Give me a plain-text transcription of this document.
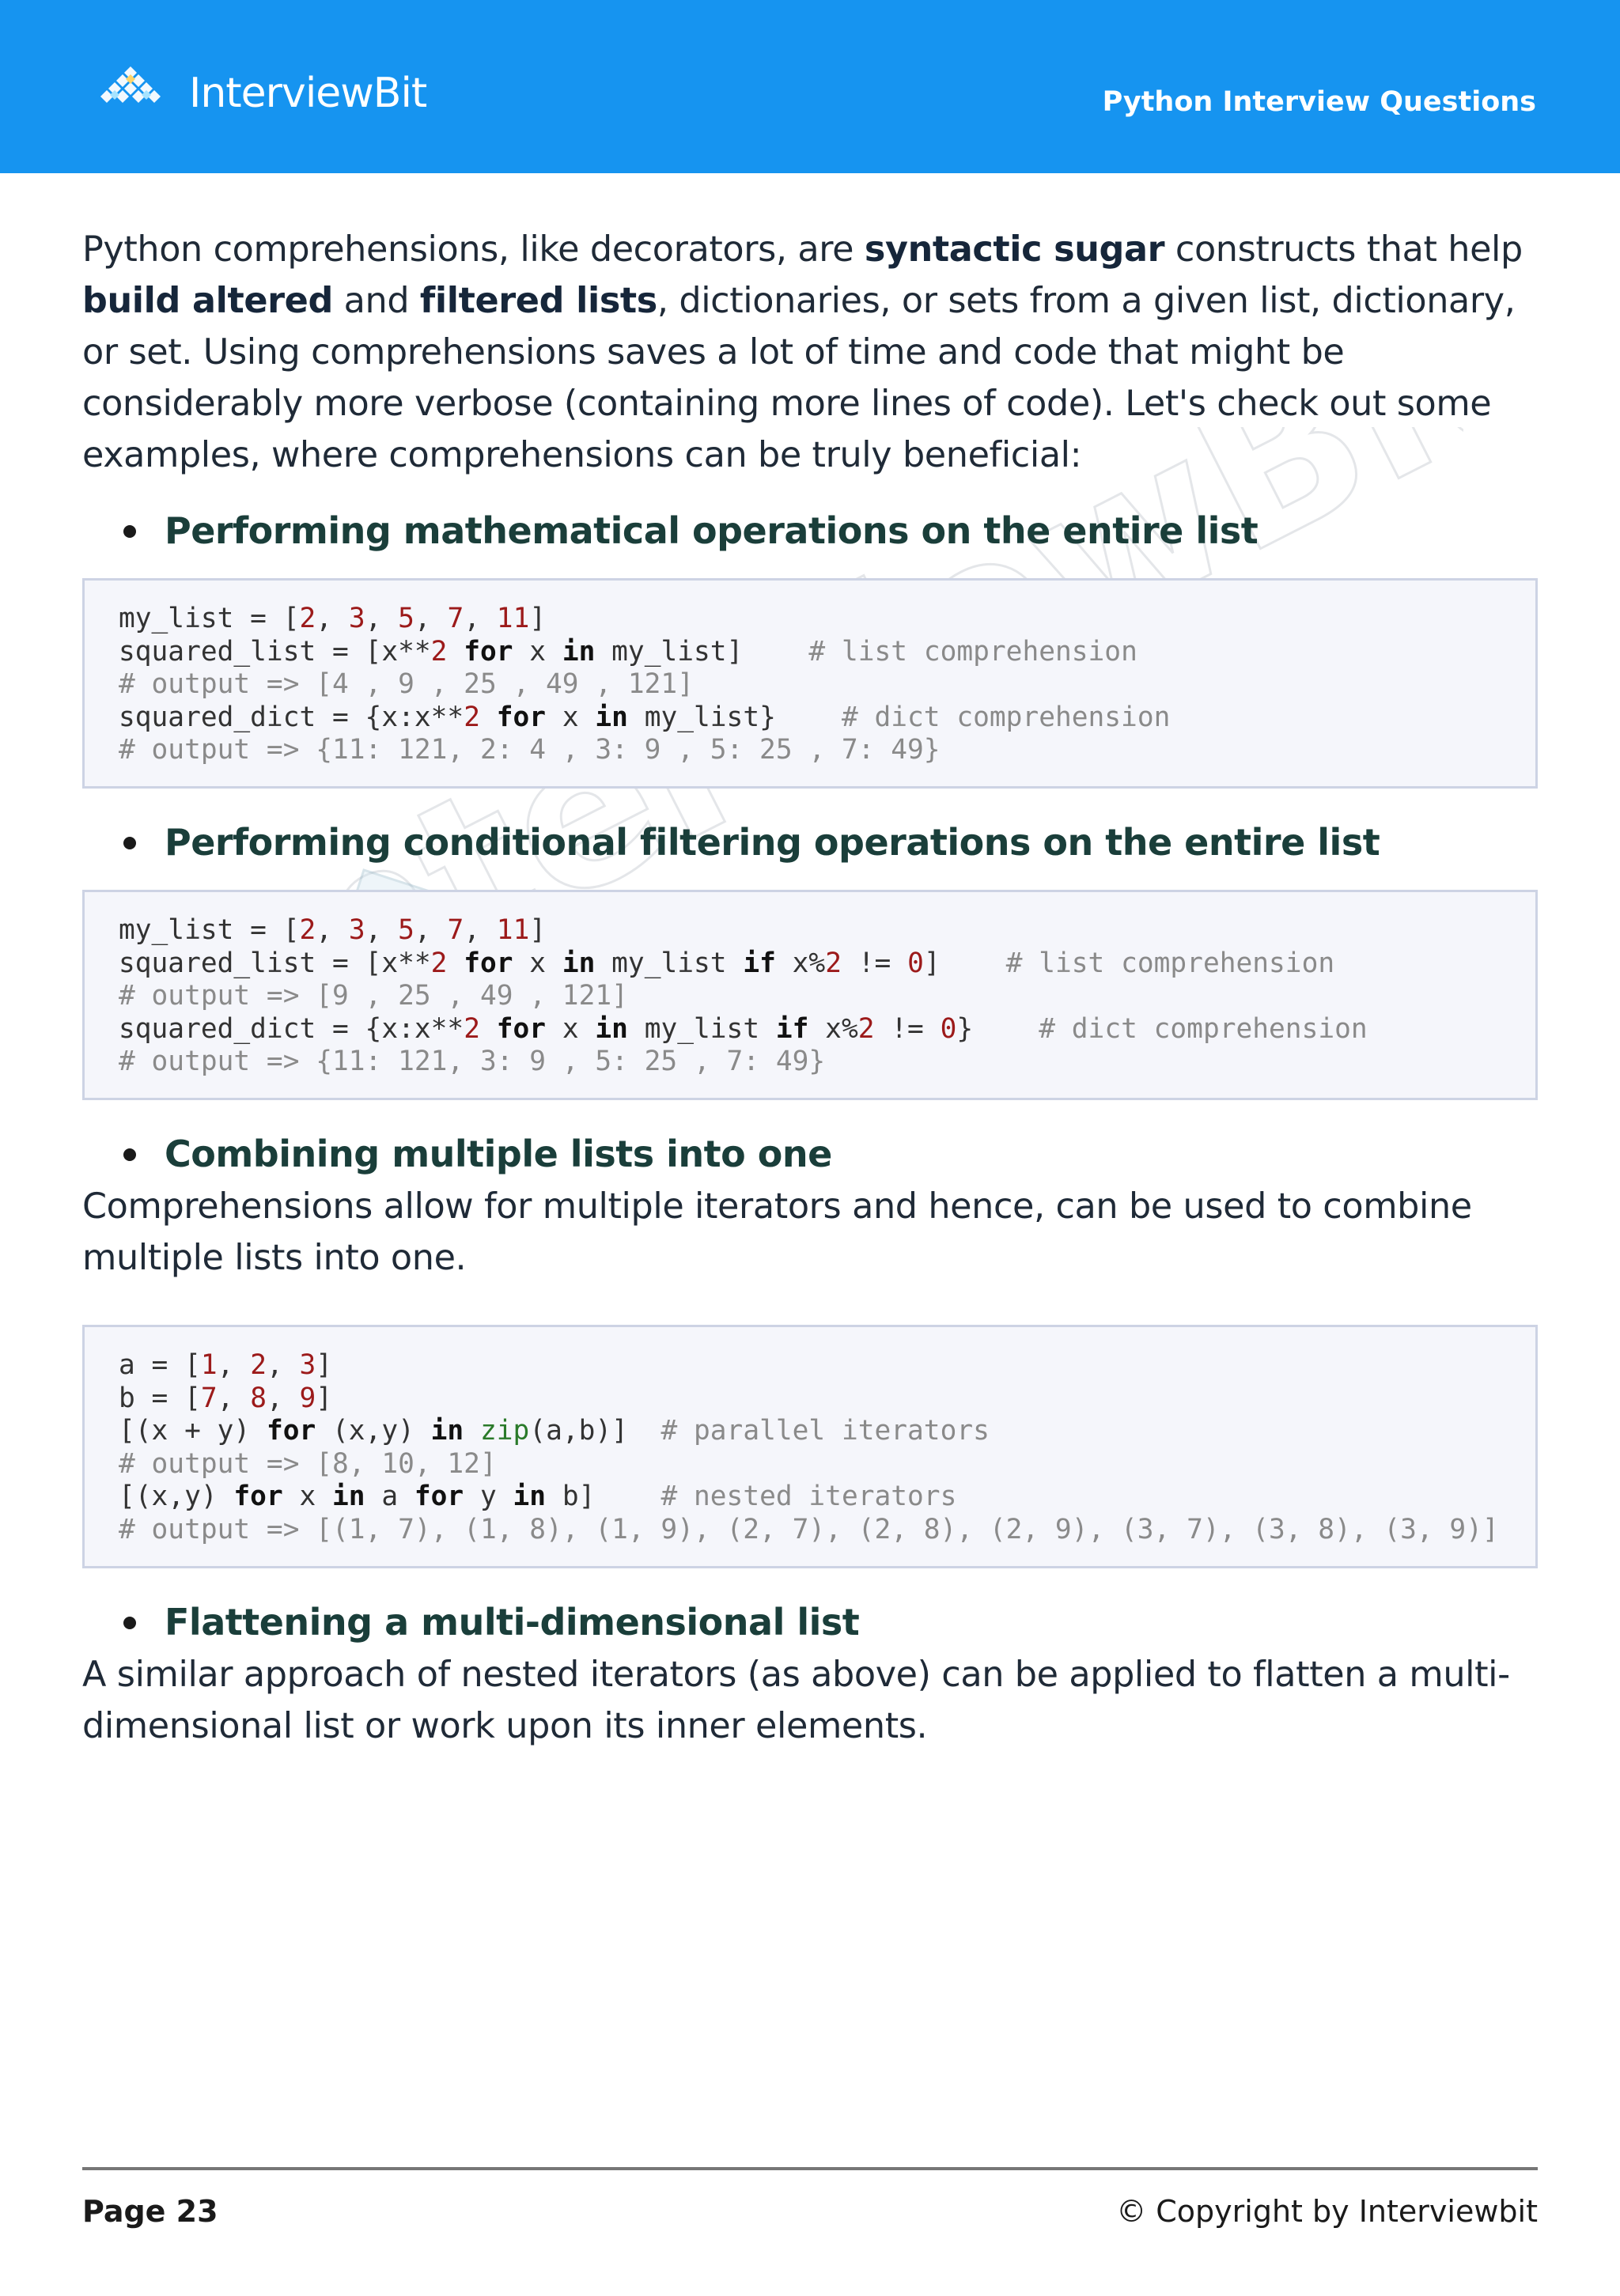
InterviewBit	Python Interview Questions

Python comprehensions, like decorators, are syntactic sugar constructs that help build altered and filtered lists, dictionaries, or sets from a given list, dictionary, or set. Using comprehensions saves a lot of time and code that might be considerably more verbose (containing more lines of code). Let's check out some examples, where comprehensions can be truly beneficial:

Performing mathematical operations on the entire list

my_list = [2, 3, 5, 7, 11]
squared_list = [x**2 for x in my_list]    # list comprehension
# output => [4 , 9 , 25 , 49 , 121]
squared_dict = {x:x**2 for x in my_list}    # dict comprehension
# output => {11: 121, 2: 4 , 3: 9 , 5: 25 , 7: 49}

Performing conditional filtering operations on the entire list

my_list = [2, 3, 5, 7, 11]
squared_list = [x**2 for x in my_list if x%2 != 0]    # list comprehension
# output => [9 , 25 , 49 , 121]
squared_dict = {x:x**2 for x in my_list if x%2 != 0}    # dict comprehension
# output => {11: 121, 3: 9 , 5: 25 , 7: 49}

Combining multiple lists into one

Comprehensions allow for multiple iterators and hence, can be used to combine multiple lists into one.

a = [1, 2, 3]
b = [7, 8, 9]
[(x + y) for (x,y) in zip(a,b)]  # parallel iterators
# output => [8, 10, 12]
[(x,y) for x in a for y in b]    # nested iterators
# output => [(1, 7), (1, 8), (1, 9), (2, 7), (2, 8), (2, 9), (3, 7), (3, 8), (3, 9)]

Flattening a multi-dimensional list

A similar approach of nested iterators (as above) can be applied to flatten a multi-dimensional list or work upon its inner elements.

Page 23	© Copyright by Interviewbit
